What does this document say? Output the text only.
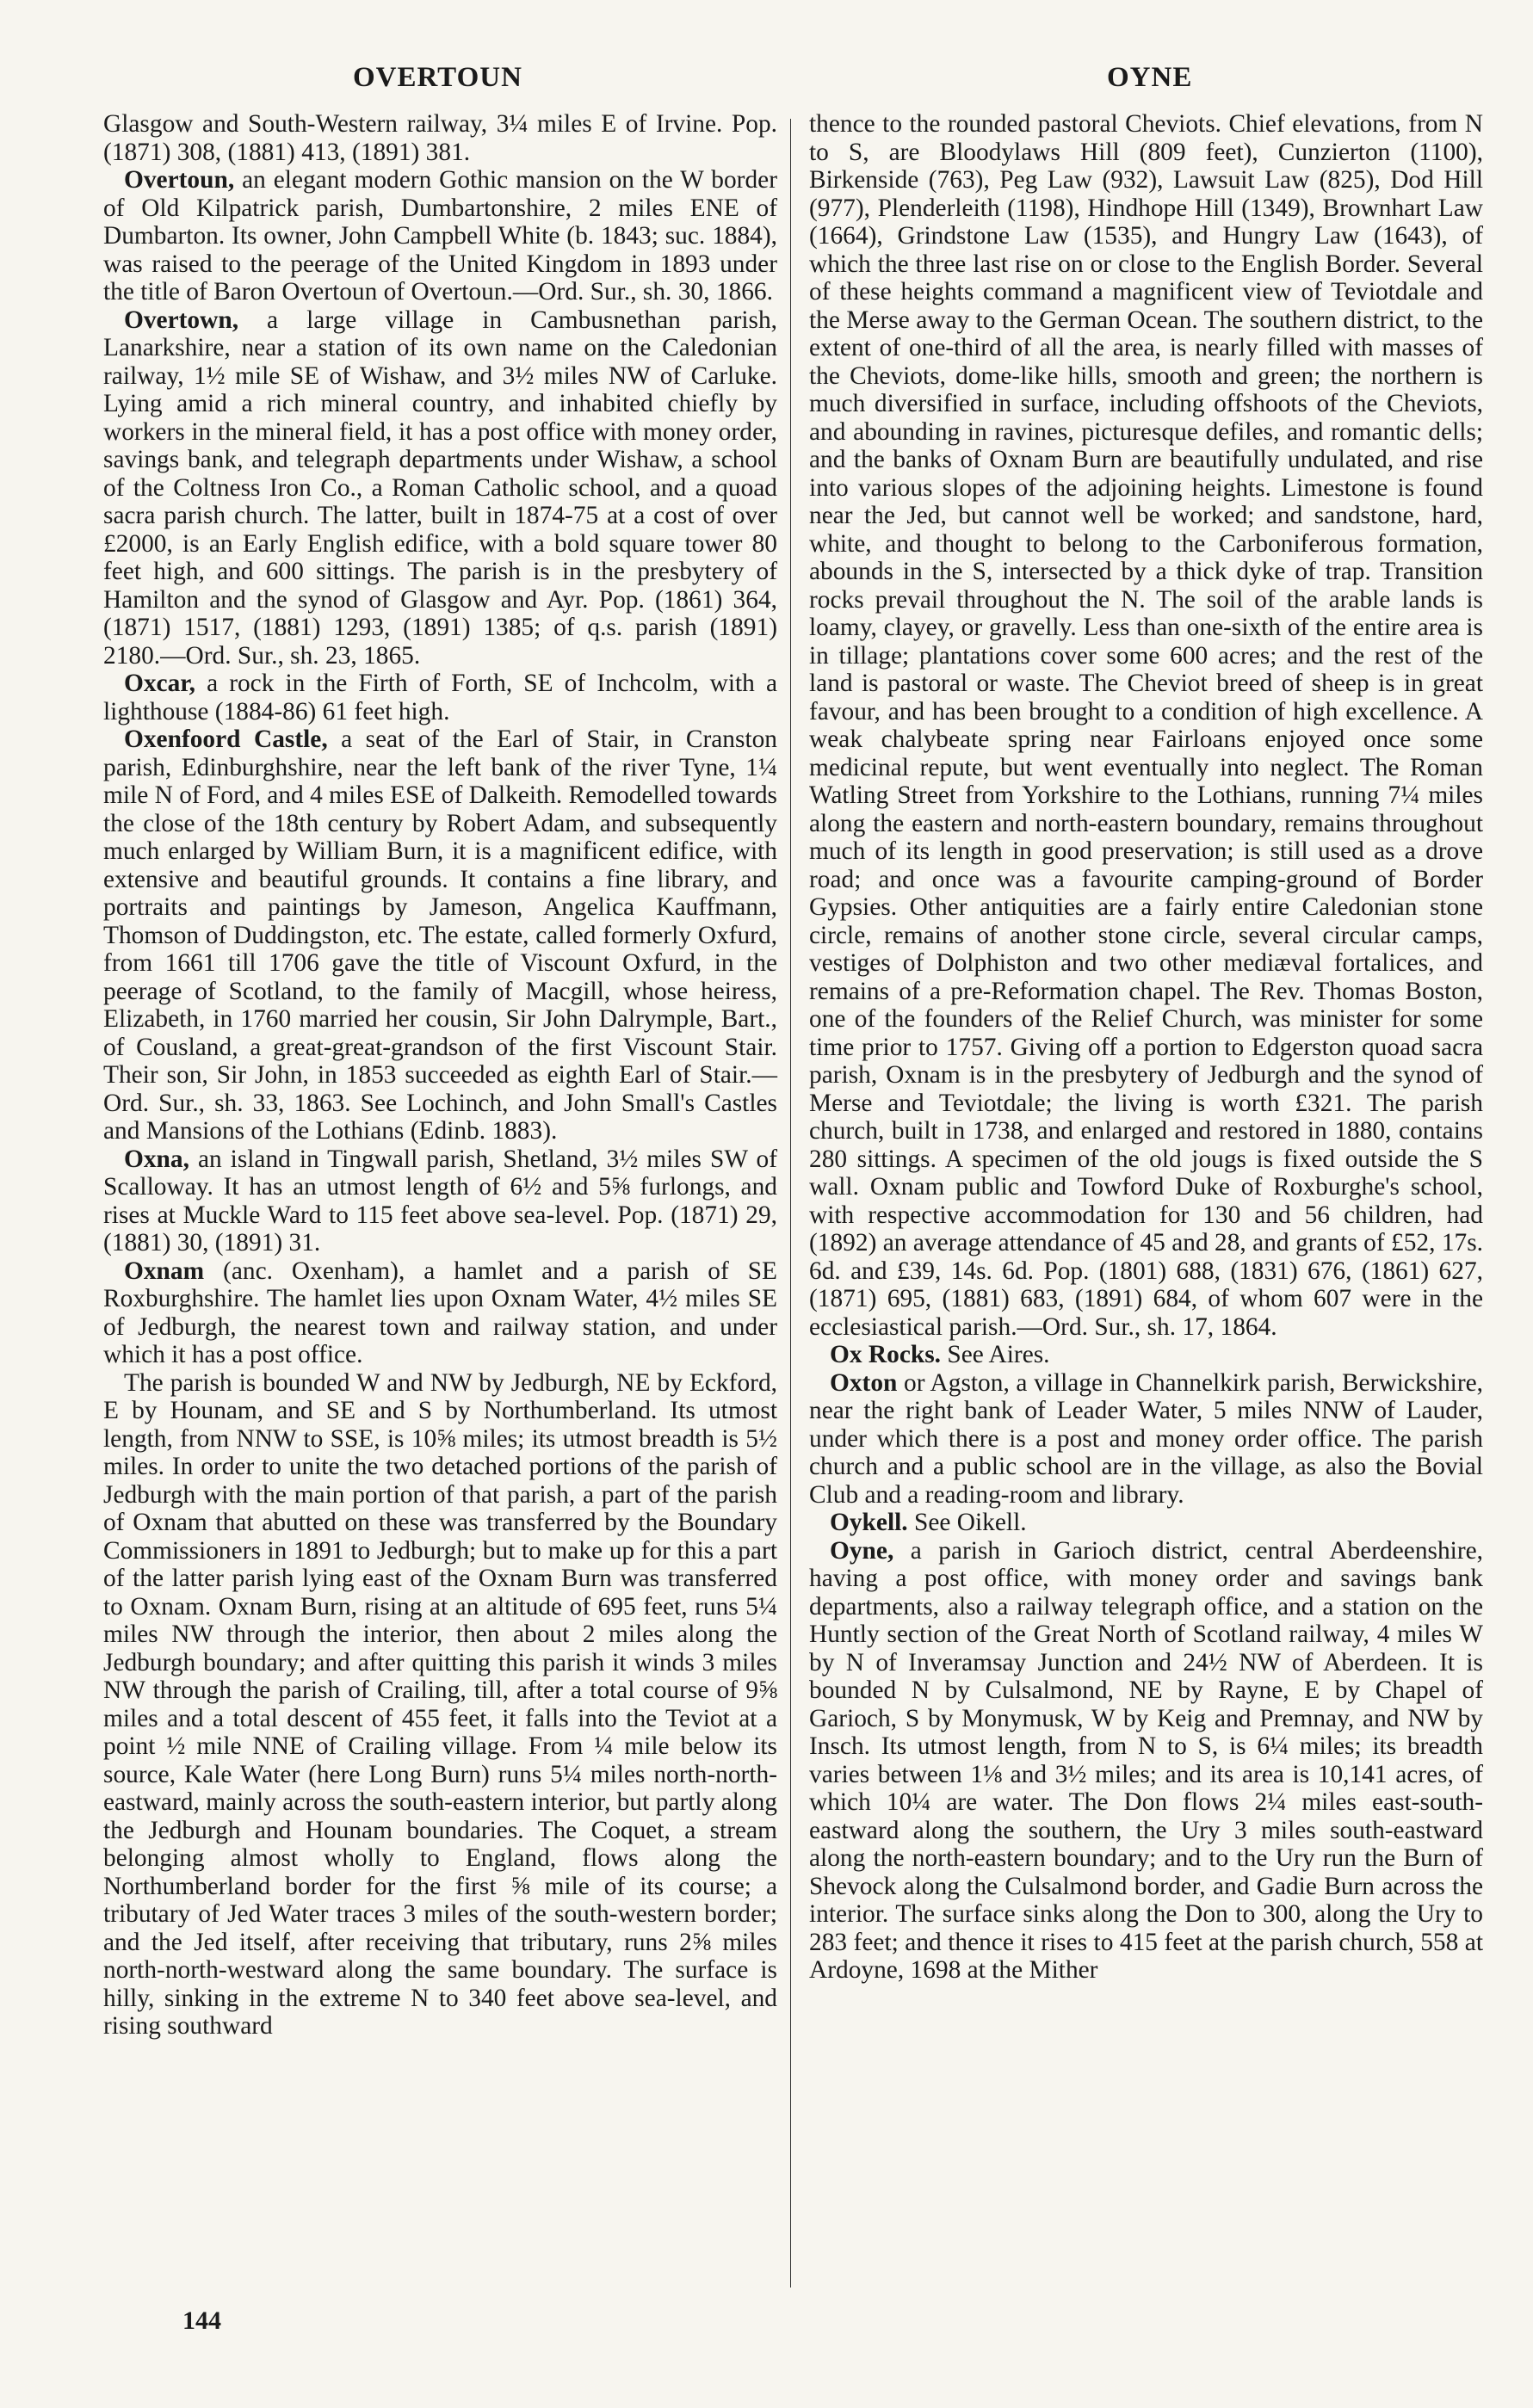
OVERTOUN	OYNE

Glasgow and South-Western railway, 3¼ miles E of Irvine. Pop. (1871) 308, (1881) 413, (1891) 381.

Overtoun, an elegant modern Gothic mansion on the W border of Old Kilpatrick parish, Dumbartonshire, 2 miles ENE of Dumbarton. Its owner, John Campbell White (b. 1843; suc. 1884), was raised to the peerage of the United Kingdom in 1893 under the title of Baron Overtoun of Overtoun.—Ord. Sur., sh. 30, 1866.

Overtown, a large village in Cambusnethan parish, Lanarkshire, near a station of its own name on the Caledonian railway, 1½ mile SE of Wishaw, and 3½ miles NW of Carluke. Lying amid a rich mineral country, and inhabited chiefly by workers in the mineral field, it has a post office with money order, savings bank, and telegraph departments under Wishaw, a school of the Coltness Iron Co., a Roman Catholic school, and a quoad sacra parish church. The latter, built in 1874-75 at a cost of over £2000, is an Early English edifice, with a bold square tower 80 feet high, and 600 sittings. The parish is in the presbytery of Hamilton and the synod of Glasgow and Ayr. Pop. (1861) 364, (1871) 1517, (1881) 1293, (1891) 1385; of q.s. parish (1891) 2180.—Ord. Sur., sh. 23, 1865.

Oxcar, a rock in the Firth of Forth, SE of Inchcolm, with a lighthouse (1884-86) 61 feet high.

Oxenfoord Castle, a seat of the Earl of Stair, in Cranston parish, Edinburghshire, near the left bank of the river Tyne, 1¼ mile N of Ford, and 4 miles ESE of Dalkeith. Remodelled towards the close of the 18th century by Robert Adam, and subsequently much enlarged by William Burn, it is a magnificent edifice, with extensive and beautiful grounds. It contains a fine library, and portraits and paintings by Jameson, Angelica Kauffmann, Thomson of Duddingston, etc. The estate, called formerly Oxfurd, from 1661 till 1706 gave the title of Viscount Oxfurd, in the peerage of Scotland, to the family of Macgill, whose heiress, Elizabeth, in 1760 married her cousin, Sir John Dalrymple, Bart., of Cousland, a great-great-grandson of the first Viscount Stair. Their son, Sir John, in 1853 succeeded as eighth Earl of Stair.—Ord. Sur., sh. 33, 1863. See Lochinch, and John Small's Castles and Mansions of the Lothians (Edinb. 1883).

Oxna, an island in Tingwall parish, Shetland, 3½ miles SW of Scalloway. It has an utmost length of 6½ and 5⅝ furlongs, and rises at Muckle Ward to 115 feet above sea-level. Pop. (1871) 29, (1881) 30, (1891) 31.

Oxnam (anc. Oxenham), a hamlet and a parish of SE Roxburghshire. The hamlet lies upon Oxnam Water, 4½ miles SE of Jedburgh, the nearest town and railway station, and under which it has a post office.

The parish is bounded W and NW by Jedburgh, NE by Eckford, E by Hounam, and SE and S by Northumberland. Its utmost length, from NNW to SSE, is 10⅝ miles; its utmost breadth is 5½ miles. In order to unite the two detached portions of the parish of Jedburgh with the main portion of that parish, a part of the parish of Oxnam that abutted on these was transferred by the Boundary Commissioners in 1891 to Jedburgh; but to make up for this a part of the latter parish lying east of the Oxnam Burn was transferred to Oxnam. Oxnam Burn, rising at an altitude of 695 feet, runs 5¼ miles NW through the interior, then about 2 miles along the Jedburgh boundary; and after quitting this parish it winds 3 miles NW through the parish of Crailing, till, after a total course of 9⅝ miles and a total descent of 455 feet, it falls into the Teviot at a point ½ mile NNE of Crailing village. From ¼ mile below its source, Kale Water (here Long Burn) runs 5¼ miles north-north-eastward, mainly across the south-eastern interior, but partly along the Jedburgh and Hounam boundaries. The Coquet, a stream belonging almost wholly to England, flows along the Northumberland border for the first ⅝ mile of its course; a tributary of Jed Water traces 3 miles of the south-western border; and the Jed itself, after receiving that tributary, runs 2⅝ miles north-north-westward along the same boundary. The surface is hilly, sinking in the extreme N to 340 feet above sea-level, and rising southward

thence to the rounded pastoral Cheviots. Chief elevations, from N to S, are Bloodylaws Hill (809 feet), Cunzierton (1100), Birkenside (763), Peg Law (932), Lawsuit Law (825), Dod Hill (977), Plenderleith (1198), Hindhope Hill (1349), Brownhart Law (1664), Grindstone Law (1535), and Hungry Law (1643), of which the three last rise on or close to the English Border. Several of these heights command a magnificent view of Teviotdale and the Merse away to the German Ocean. The southern district, to the extent of one-third of all the area, is nearly filled with masses of the Cheviots, dome-like hills, smooth and green; the northern is much diversified in surface, including offshoots of the Cheviots, and abounding in ravines, picturesque defiles, and romantic dells; and the banks of Oxnam Burn are beautifully undulated, and rise into various slopes of the adjoining heights. Limestone is found near the Jed, but cannot well be worked; and sandstone, hard, white, and thought to belong to the Carboniferous formation, abounds in the S, intersected by a thick dyke of trap. Transition rocks prevail throughout the N. The soil of the arable lands is loamy, clayey, or gravelly. Less than one-sixth of the entire area is in tillage; plantations cover some 600 acres; and the rest of the land is pastoral or waste. The Cheviot breed of sheep is in great favour, and has been brought to a condition of high excellence. A weak chalybeate spring near Fairloans enjoyed once some medicinal repute, but went eventually into neglect. The Roman Watling Street from Yorkshire to the Lothians, running 7¼ miles along the eastern and north-eastern boundary, remains throughout much of its length in good preservation; is still used as a drove road; and once was a favourite camping-ground of Border Gypsies. Other antiquities are a fairly entire Caledonian stone circle, remains of another stone circle, several circular camps, vestiges of Dolphiston and two other mediæval fortalices, and remains of a pre-Reformation chapel. The Rev. Thomas Boston, one of the founders of the Relief Church, was minister for some time prior to 1757. Giving off a portion to Edgerston quoad sacra parish, Oxnam is in the presbytery of Jedburgh and the synod of Merse and Teviotdale; the living is worth £321. The parish church, built in 1738, and enlarged and restored in 1880, contains 280 sittings. A specimen of the old jougs is fixed outside the S wall. Oxnam public and Towford Duke of Roxburghe's school, with respective accommodation for 130 and 56 children, had (1892) an average attendance of 45 and 28, and grants of £52, 17s. 6d. and £39, 14s. 6d. Pop. (1801) 688, (1831) 676, (1861) 627, (1871) 695, (1881) 683, (1891) 684, of whom 607 were in the ecclesiastical parish.—Ord. Sur., sh. 17, 1864.

Ox Rocks. See Aires.

Oxton or Agston, a village in Channelkirk parish, Berwickshire, near the right bank of Leader Water, 5 miles NNW of Lauder, under which there is a post and money order office. The parish church and a public school are in the village, as also the Bovial Club and a reading-room and library.

Oykell. See Oikell.

Oyne, a parish in Garioch district, central Aberdeenshire, having a post office, with money order and savings bank departments, also a railway telegraph office, and a station on the Huntly section of the Great North of Scotland railway, 4 miles W by N of Inveramsay Junction and 24½ NW of Aberdeen. It is bounded N by Culsalmond, NE by Rayne, E by Chapel of Garioch, S by Monymusk, W by Keig and Premnay, and NW by Insch. Its utmost length, from N to S, is 6¼ miles; its breadth varies between 1⅛ and 3½ miles; and its area is 10,141 acres, of which 10¼ are water. The Don flows 2¼ miles east-south-eastward along the southern, the Ury 3 miles south-eastward along the north-eastern boundary; and to the Ury run the Burn of Shevock along the Culsalmond border, and Gadie Burn across the interior. The surface sinks along the Don to 300, along the Ury to 283 feet; and thence it rises to 415 feet at the parish church, 558 at Ardoyne, 1698 at the Mither

144
